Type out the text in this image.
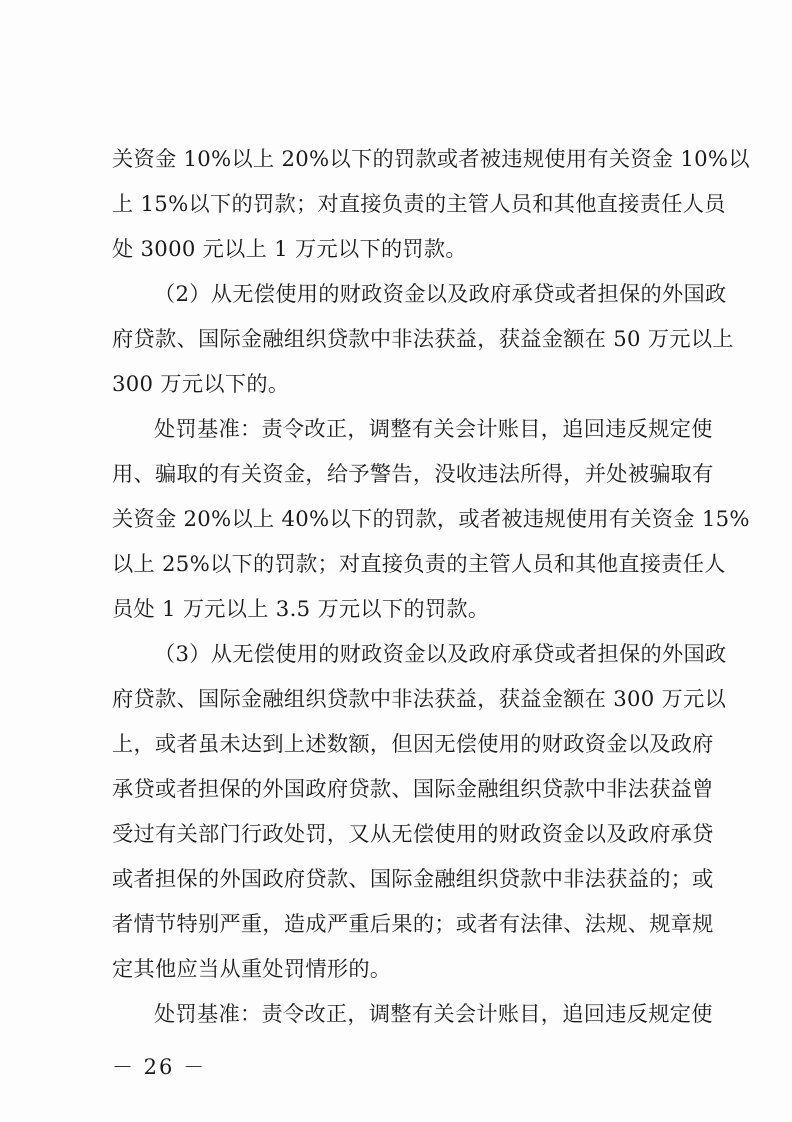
关资金 10%以上 20%以下的罚款或者被违规使用有关资金 10%以
上 15%以下的罚款；对直接负责的主管人员和其他直接责任人员
处 3000 元以上 1 万元以下的罚款。
（2）从无偿使用的财政资金以及政府承贷或者担保的外国政
府贷款、国际金融组织贷款中非法获益，获益金额在 50 万元以上
300 万元以下的。
处罚基准：责令改正，调整有关会计账目，追回违反规定使
用、骗取的有关资金，给予警告，没收违法所得，并处被骗取有
关资金 20%以上 40%以下的罚款，或者被违规使用有关资金 15%
以上 25%以下的罚款；对直接负责的主管人员和其他直接责任人
员处 1 万元以上 3.5 万元以下的罚款。
（3）从无偿使用的财政资金以及政府承贷或者担保的外国政
府贷款、国际金融组织贷款中非法获益，获益金额在 300 万元以
上，或者虽未达到上述数额，但因无偿使用的财政资金以及政府
承贷或者担保的外国政府贷款、国际金融组织贷款中非法获益曾
受过有关部门行政处罚，又从无偿使用的财政资金以及政府承贷
或者担保的外国政府贷款、国际金融组织贷款中非法获益的；或
者情节特别严重，造成严重后果的；或者有法律、法规、规章规
定其他应当从重处罚情形的。
处罚基准：责令改正，调整有关会计账目，追回违反规定使
－ 26 －
